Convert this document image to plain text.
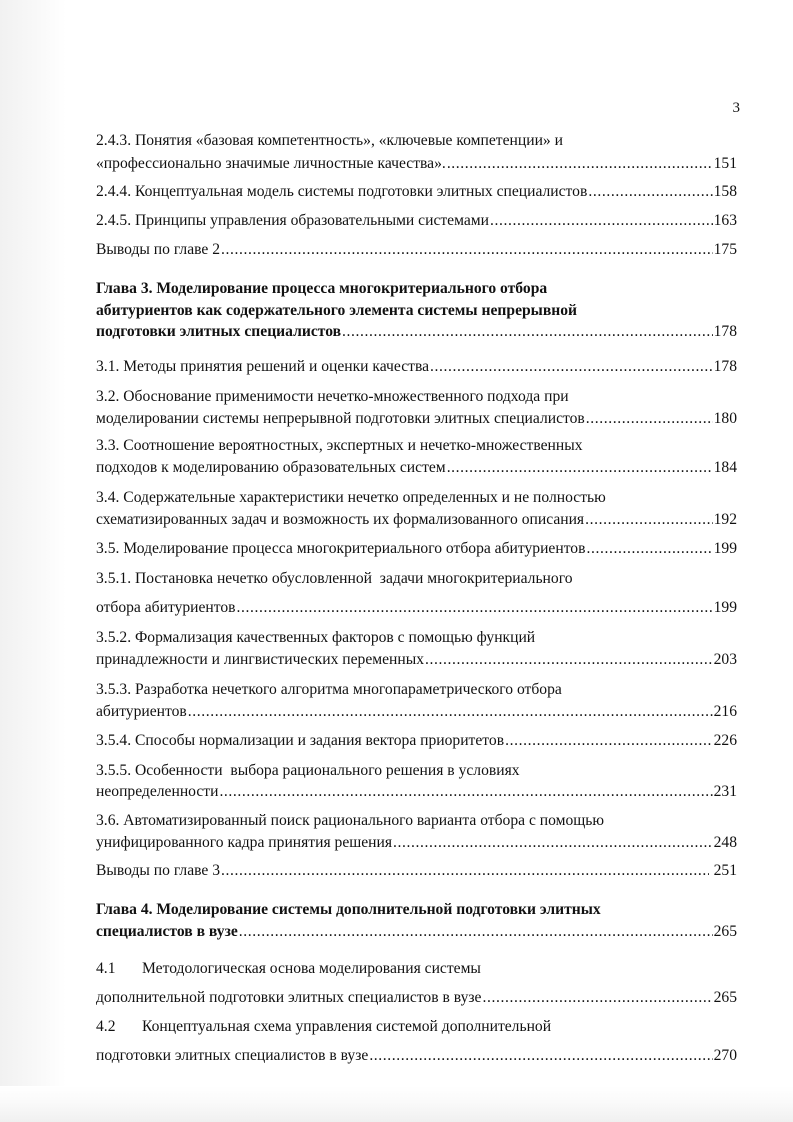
3
2.4.3. Понятия «базовая компетентность», «ключевые компетенции» и
«профессионально значимые личностные качества». .....	151
2.4.4. Концептуальная модель системы подготовки элитных специалистов .....	158
2.4.5. Принципы управления образовательными системами .....	163
Выводы по главе 2 .....	175
Глава 3. Моделирование процесса многокритериального отбора
абитуриентов как содержательного элемента системы непрерывной
подготовки элитных специалистов .....	178
3.1. Методы принятия решений и оценки качества .....	178
3.2. Обоснование применимости нечетко-множественного подхода при
моделировании системы непрерывной подготовки элитных специалистов .....	180
3.3. Соотношение вероятностных, экспертных и нечетко-множественных
подходов к моделированию образовательных систем .....	184
3.4. Содержательные характеристики нечетко определенных и не полностью
схематизированных задач и возможность их формализованного описания .....	192
3.5. Моделирование процесса многокритериального отбора абитуриентов .....	199
3.5.1. Постановка нечетко обусловленной  задачи многокритериального
отбора абитуриентов .....	199
3.5.2. Формализация качественных факторов с помощью функций
принадлежности и лингвистических переменных .....	203
3.5.3. Разработка нечеткого алгоритма многопараметрического отбора
абитуриентов .....	216
3.5.4. Способы нормализации и задания вектора приоритетов .....	226
3.5.5. Особенности  выбора рационального решения в условиях
неопределенности .....	231
3.6. Автоматизированный поиск рационального варианта отбора с помощью
унифицированного кадра принятия решения .....	248
Выводы по главе 3 .....	251
Глава 4. Моделирование системы дополнительной подготовки элитных
специалистов в вузе .....	265
4.1	Методологическая основа моделирования системы
дополнительной подготовки элитных специалистов в вузе .....	265
4.2	Концептуальная схема управления системой дополнительной
подготовки элитных специалистов в вузе .....	270
